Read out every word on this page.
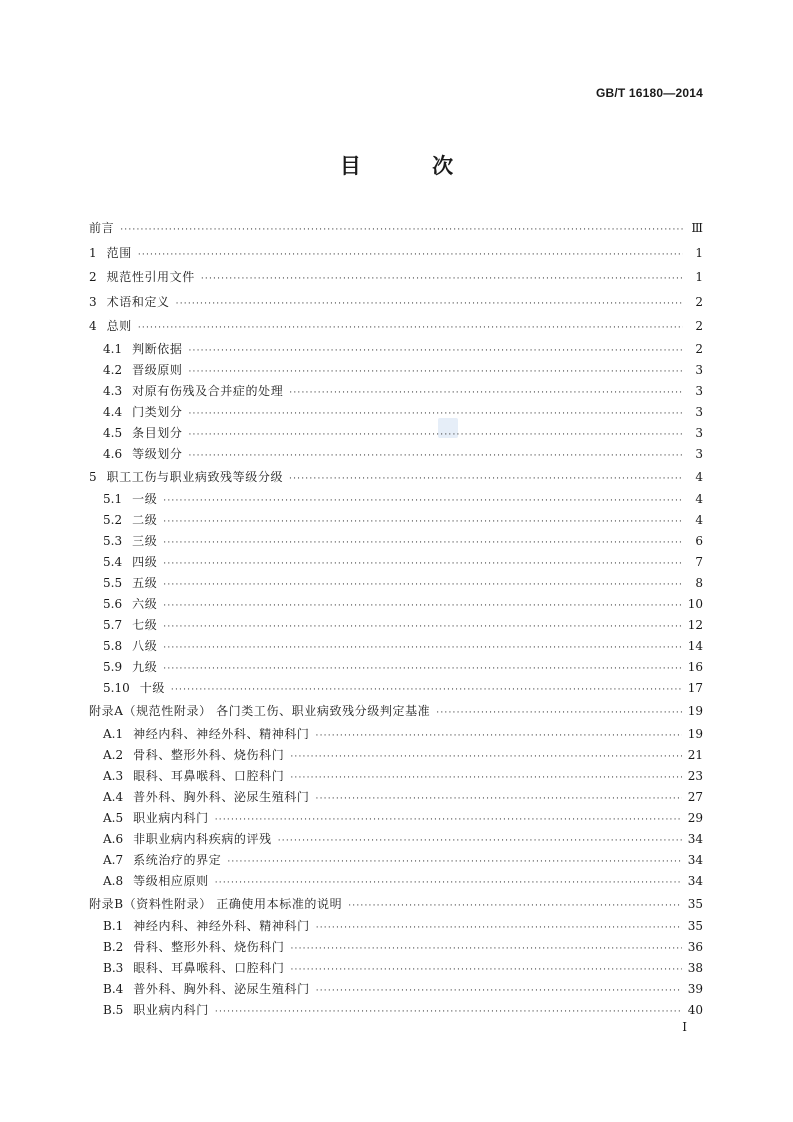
GB/T 16180—2014
目 次
前言 ·····	Ⅲ
1 范围 ·····	1
2 规范性引用文件 ·····	1
3 术语和定义 ·····	2
4 总则 ·····	2
4.1 判断依据 ·····	2
4.2 晋级原则 ·····	3
4.3 对原有伤残及合并症的处理 ·····	3
4.4 门类划分 ·····	3
4.5 条目划分 ·····	3
4.6 等级划分 ·····	3
5 职工工伤与职业病致残等级分级 ·····	4
5.1 一级 ·····	4
5.2 二级 ·····	4
5.3 三级 ·····	6
5.4 四级 ·····	7
5.5 五级 ·····	8
5.6 六级 ·····	10
5.7 七级 ·····	12
5.8 八级 ·····	14
5.9 九级 ·····	16
5.10 十级 ·····	17
附录A（规范性附录） 各门类工伤、职业病致残分级判定基准 ·····	19
A.1 神经内科、神经外科、精神科门 ·····	19
A.2 骨科、整形外科、烧伤科门 ·····	21
A.3 眼科、耳鼻喉科、口腔科门 ·····	23
A.4 普外科、胸外科、泌尿生殖科门 ·····	27
A.5 职业病内科门 ·····	29
A.6 非职业病内科疾病的评残 ·····	34
A.7 系统治疗的界定 ·····	34
A.8 等级相应原则 ·····	34
附录B（资料性附录） 正确使用本标准的说明 ·····	35
B.1 神经内科、神经外科、精神科门 ·····	35
B.2 骨科、整形外科、烧伤科门 ·····	36
B.3 眼科、耳鼻喉科、口腔科门 ·····	38
B.4 普外科、胸外科、泌尿生殖科门 ·····	39
B.5 职业病内科门 ·····	40
I
